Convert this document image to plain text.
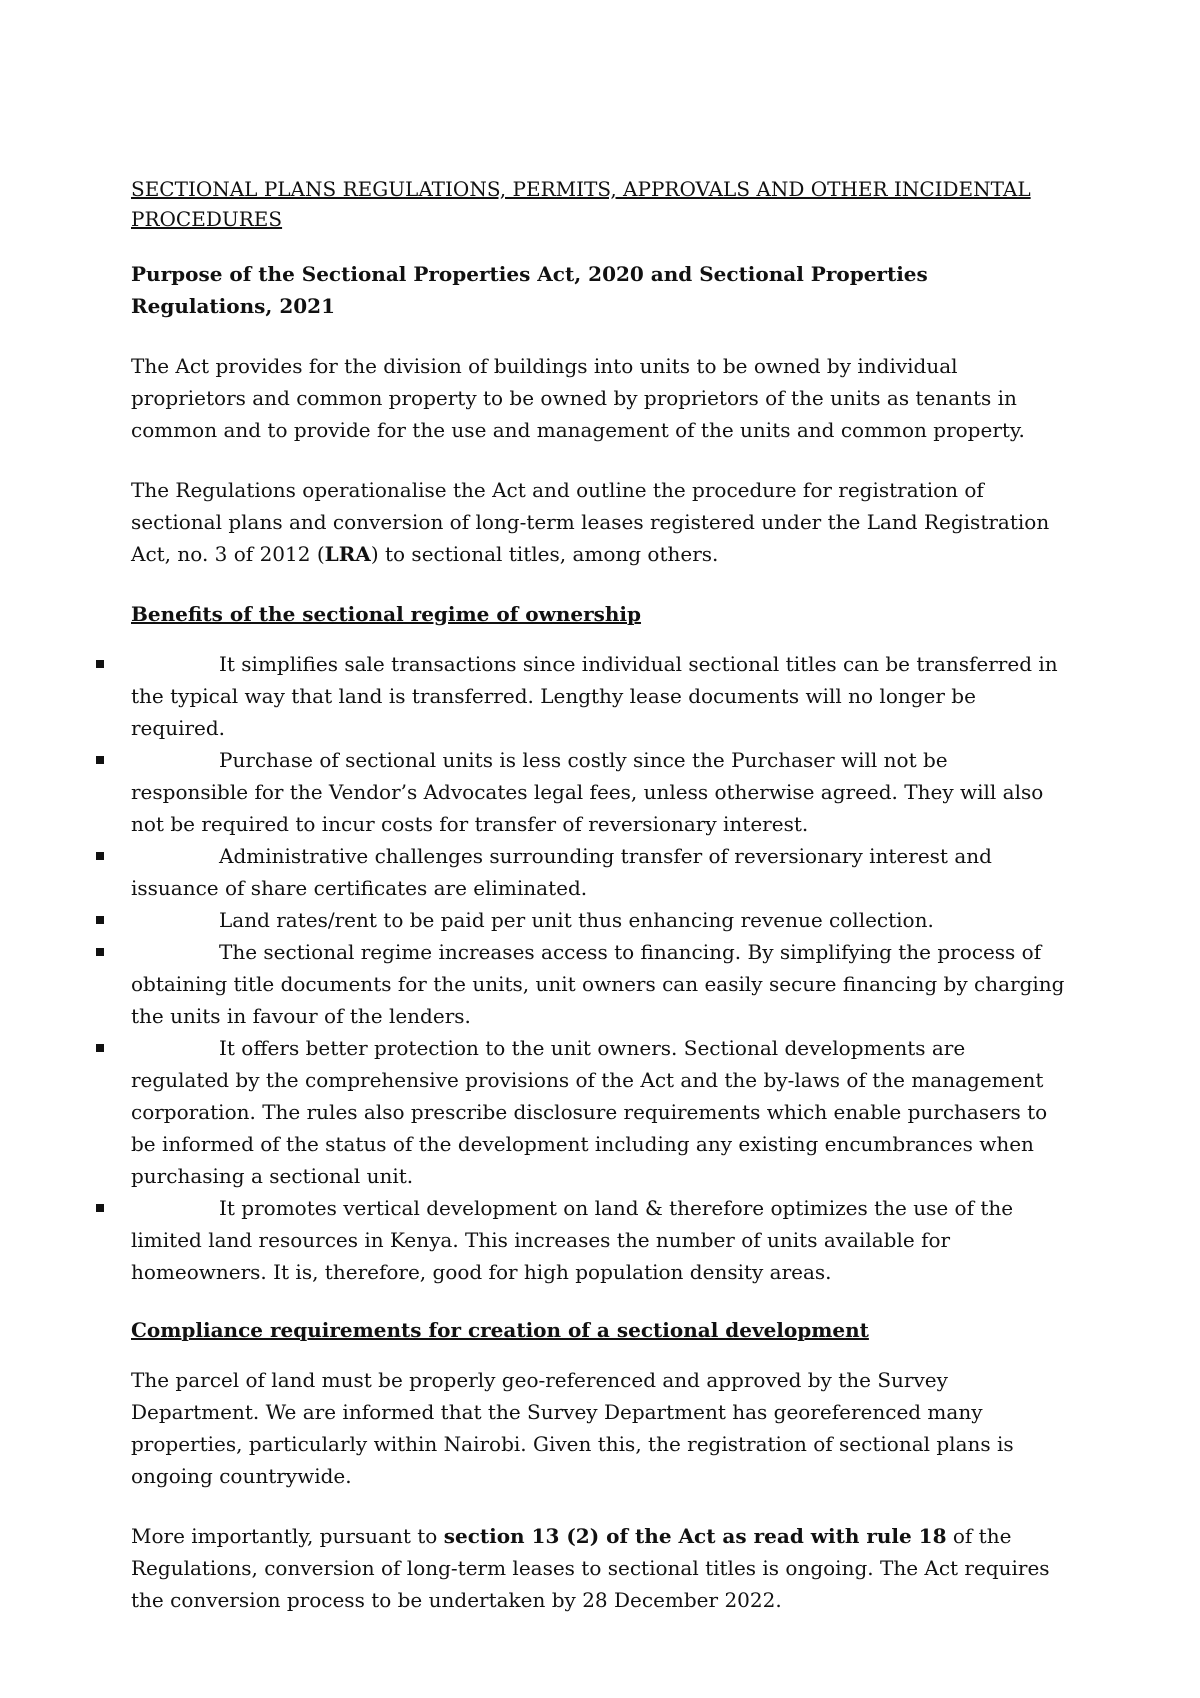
SECTIONAL PLANS REGULATIONS, PERMITS, APPROVALS AND OTHER INCIDENTAL PROCEDURES
Purpose of the Sectional Properties Act, 2020 and Sectional Properties Regulations, 2021

The Act provides for the division of buildings into units to be owned by individual proprietors and common property to be owned by proprietors of the units as tenants in common and to provide for the use and management of the units and common property.

The Regulations operationalise the Act and outline the procedure for registration of sectional plans and conversion of long-term leases registered under the Land Registration Act, no. 3 of 2012 (LRA) to sectional titles, among others.

Benefits of the sectional regime of ownership
It simplifies sale transactions since individual sectional titles can be transferred in the typical way that land is transferred. Lengthy lease documents will no longer be required.
Purchase of sectional units is less costly since the Purchaser will not be responsible for the Vendor’s Advocates legal fees, unless otherwise agreed. They will also not be required to incur costs for transfer of reversionary interest.
Administrative challenges surrounding transfer of reversionary interest and issuance of share certificates are eliminated.
Land rates/rent to be paid per unit thus enhancing revenue collection.
The sectional regime increases access to financing. By simplifying the process of obtaining title documents for the units, unit owners can easily secure financing by charging the units in favour of the lenders.
It offers better protection to the unit owners. Sectional developments are regulated by the comprehensive provisions of the Act and the by-laws of the management corporation. The rules also prescribe disclosure requirements which enable purchasers to be informed of the status of the development including any existing encumbrances when purchasing a sectional unit.
It promotes vertical development on land & therefore optimizes the use of the limited land resources in Kenya. This increases the number of units available for homeowners. It is, therefore, good for high population density areas.
Compliance requirements for creation of a sectional development

The parcel of land must be properly geo-referenced and approved by the Survey Department. We are informed that the Survey Department has georeferenced many properties, particularly within Nairobi. Given this, the registration of sectional plans is ongoing countrywide.

More importantly, pursuant to section 13 (2) of the Act as read with rule 18 of the Regulations, conversion of long-term leases to sectional titles is ongoing. The Act requires the conversion process to be undertaken by 28 December 2022.
